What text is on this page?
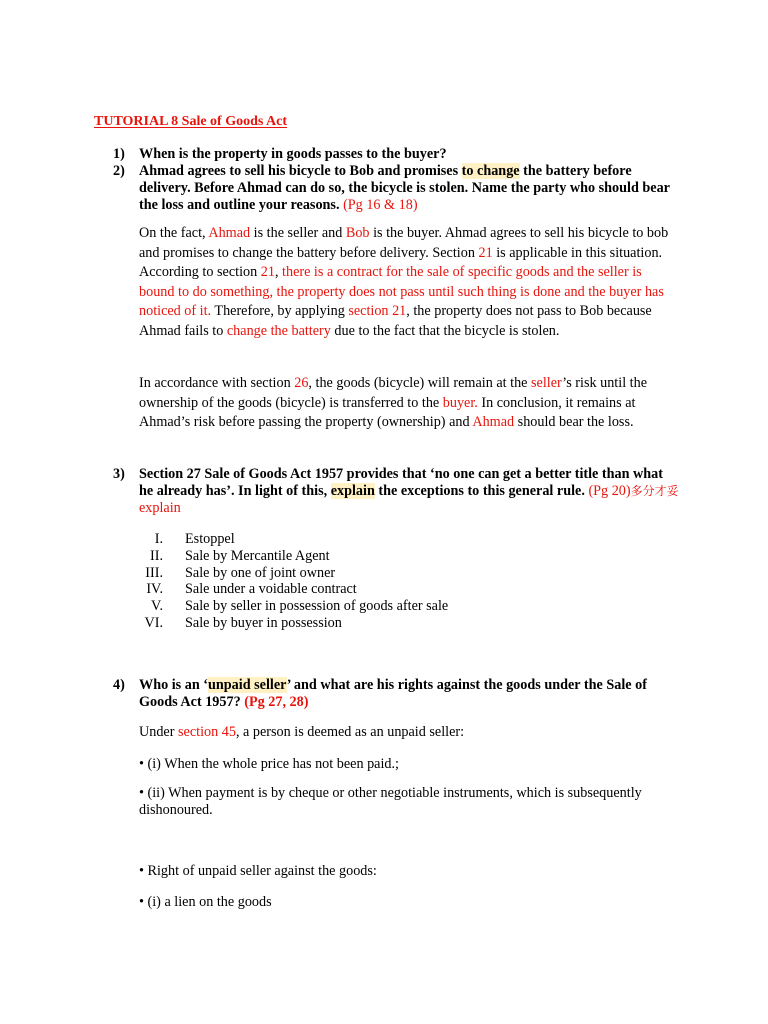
TUTORIAL 8 Sale of Goods Act
1) When is the property in goods passes to the buyer?
2) Ahmad agrees to sell his bicycle to Bob and promises to change the battery before delivery. Before Ahmad can do so, the bicycle is stolen. Name the party who should bear the loss and outline your reasons. (Pg 16 & 18)
On the fact, Ahmad is the seller and Bob is the buyer. Ahmad agrees to sell his bicycle to bob and promises to change the battery before delivery. Section 21 is applicable in this situation. According to section 21, there is a contract for the sale of specific goods and the seller is bound to do something, the property does not pass until such thing is done and the buyer has noticed of it. Therefore, by applying section 21, the property does not pass to Bob because Ahmad fails to change the battery due to the fact that the bicycle is stolen.
In accordance with section 26, the goods (bicycle) will remain at the seller’s risk until the ownership of the goods (bicycle) is transferred to the buyer. In conclusion, it remains at Ahmad’s risk before passing the property (ownership) and Ahmad should bear the loss.
3) Section 27 Sale of Goods Act 1957 provides that ‘no one can get a better title than what he already has’. In light of this, explain the exceptions to this general rule. (Pg 20)多分才妥 explain
I. Estoppel
II. Sale by Mercantile Agent
III. Sale by one of joint owner
IV. Sale under a voidable contract
V. Sale by seller in possession of goods after sale
VI. Sale by buyer in possession
4) Who is an ‘unpaid seller’ and what are his rights against the goods under the Sale of Goods Act 1957? (Pg 27, 28)
Under section 45, a person is deemed as an unpaid seller:
• (i) When the whole price has not been paid.;
• (ii) When payment is by cheque or other negotiable instruments, which is subsequently dishonoured.
• Right of unpaid seller against the goods:
• (i) a lien on the goods
